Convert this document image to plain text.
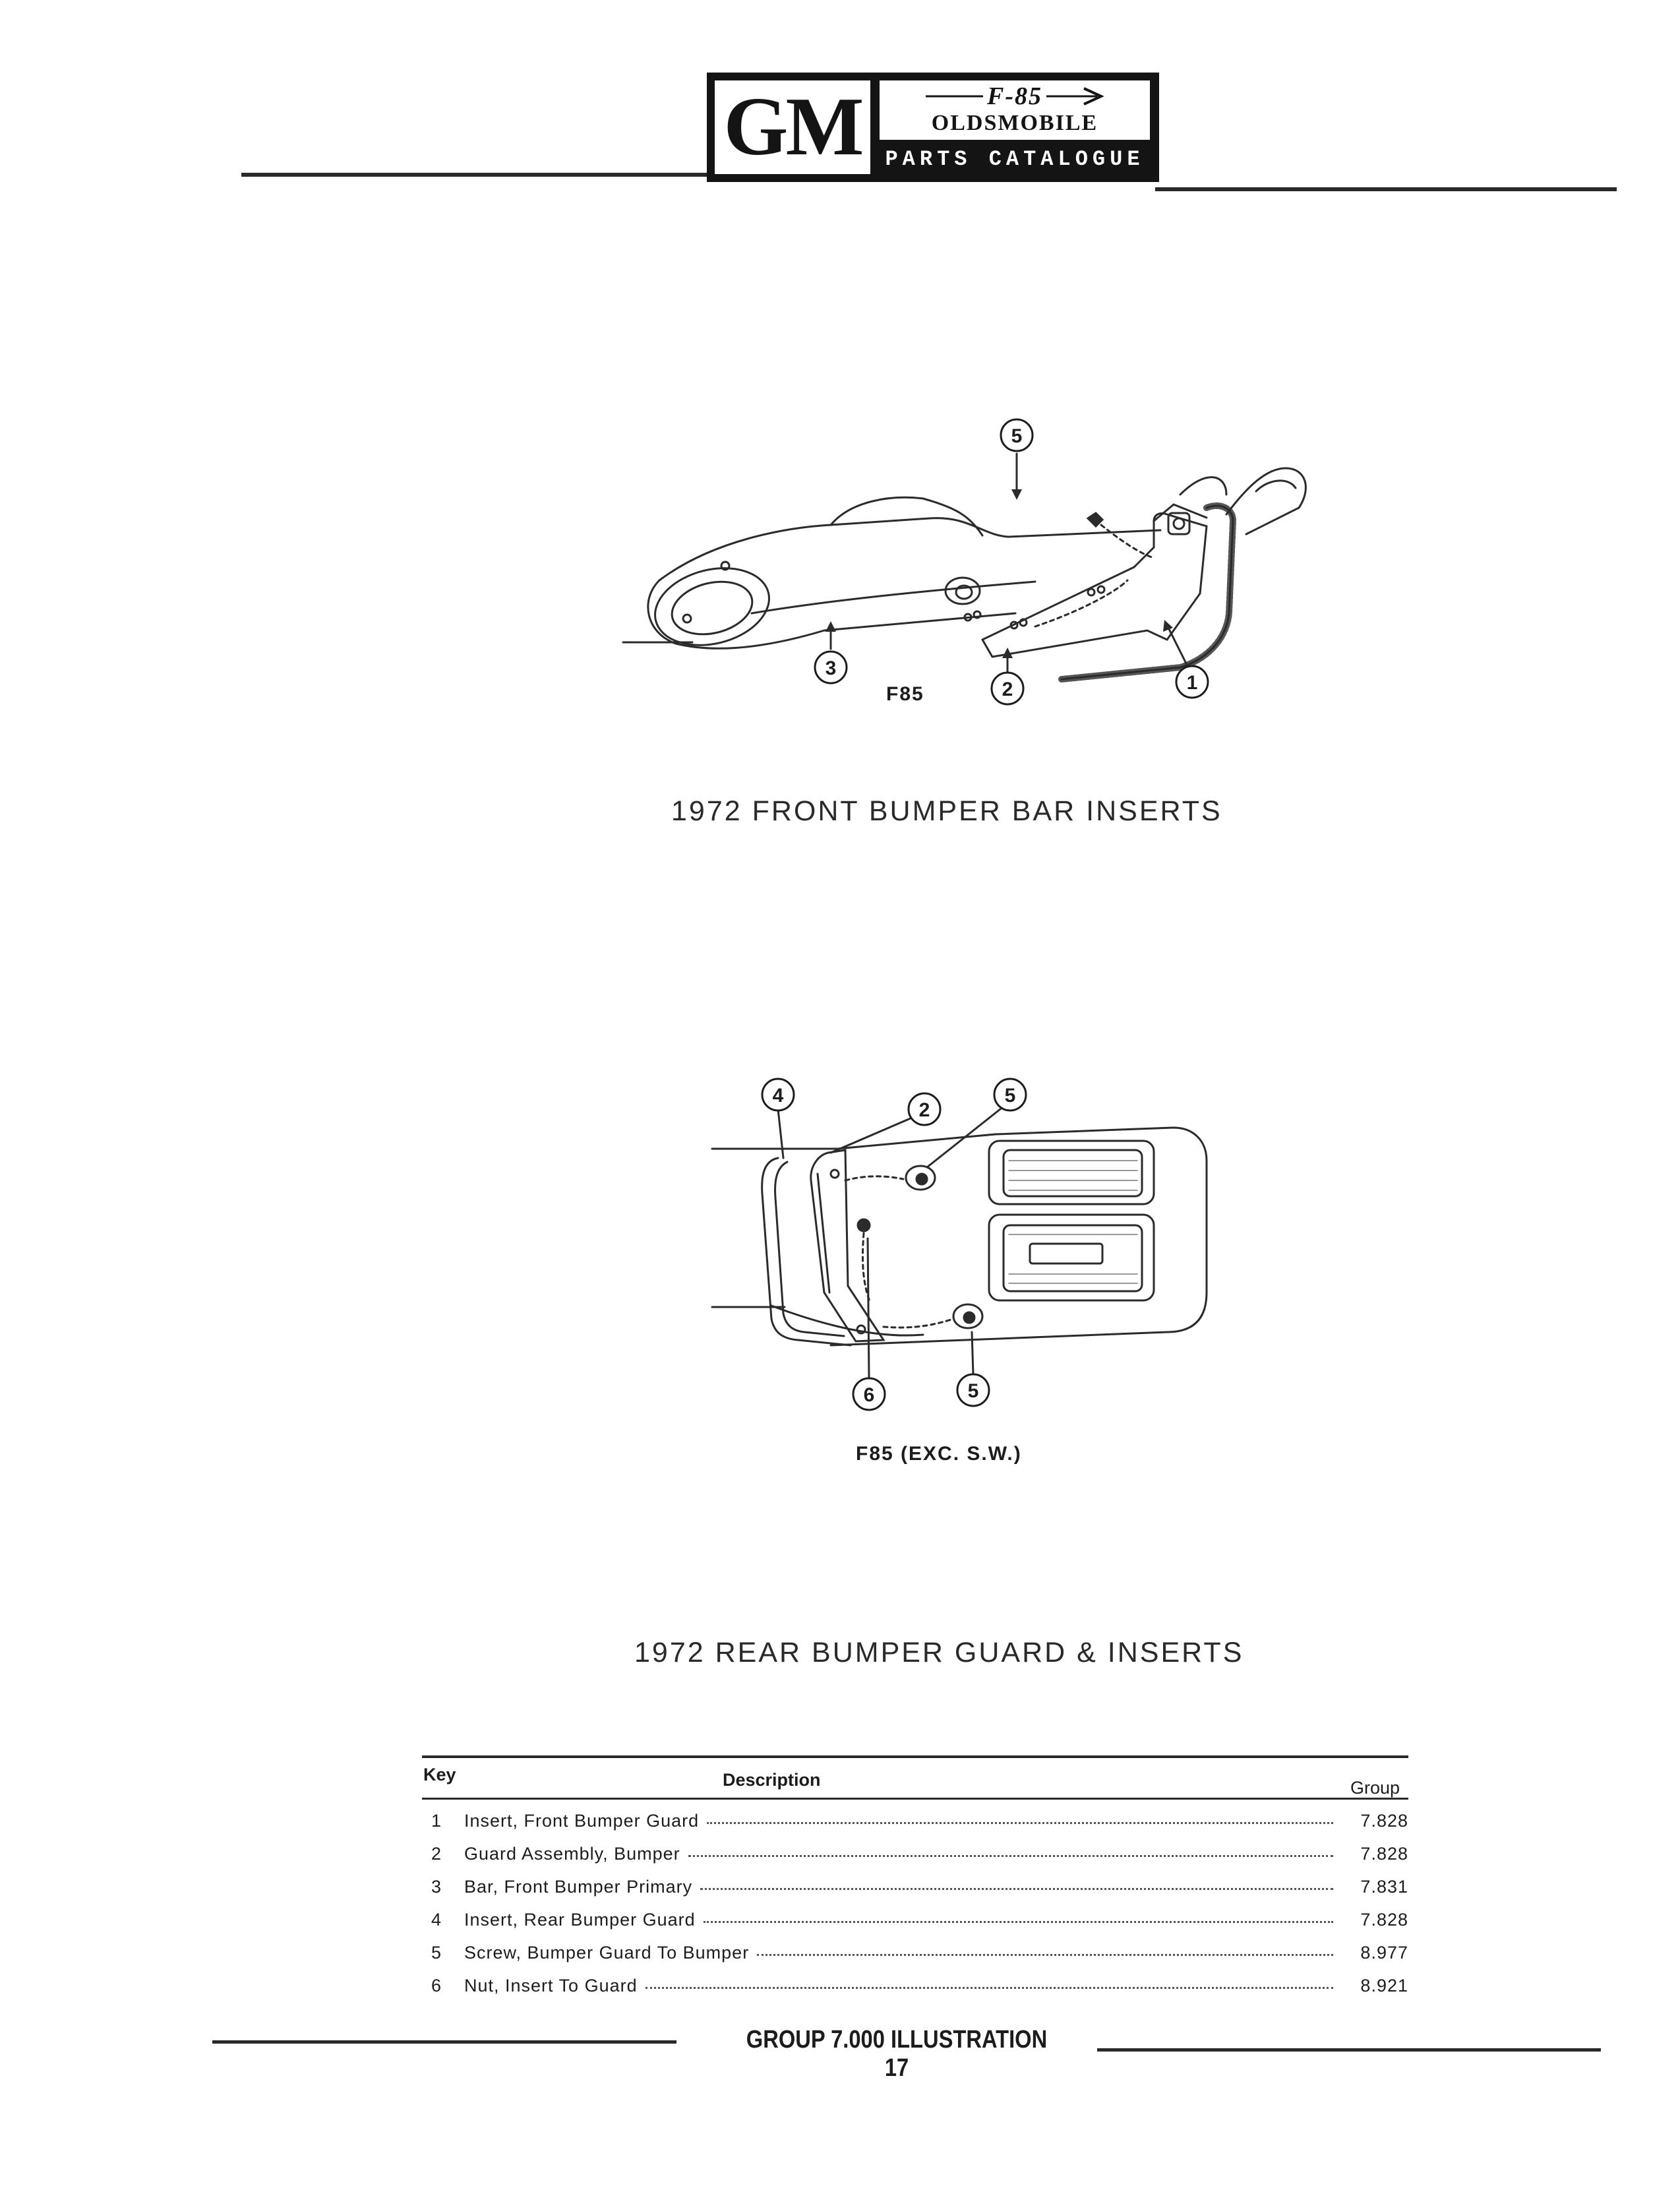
GM	F-85
OLDSMOBILE
PARTS CATALOGUE
5
3
2	1
F85
1972 FRONT BUMPER BAR INSERTS
4
2
5
6	5
F85 (EXC. S.W.)
1972 REAR BUMPER GUARD & INSERTS
Key	Description	Group
1	Insert, Front Bumper Guard	7.828
2	Guard Assembly, Bumper	7.828
3	Bar, Front Bumper Primary	7.831
4	Insert, Rear Bumper Guard	7.828
5	Screw, Bumper Guard To Bumper	8.977
6	Nut, Insert To Guard	8.921
GROUP 7.000 ILLUSTRATION 17
